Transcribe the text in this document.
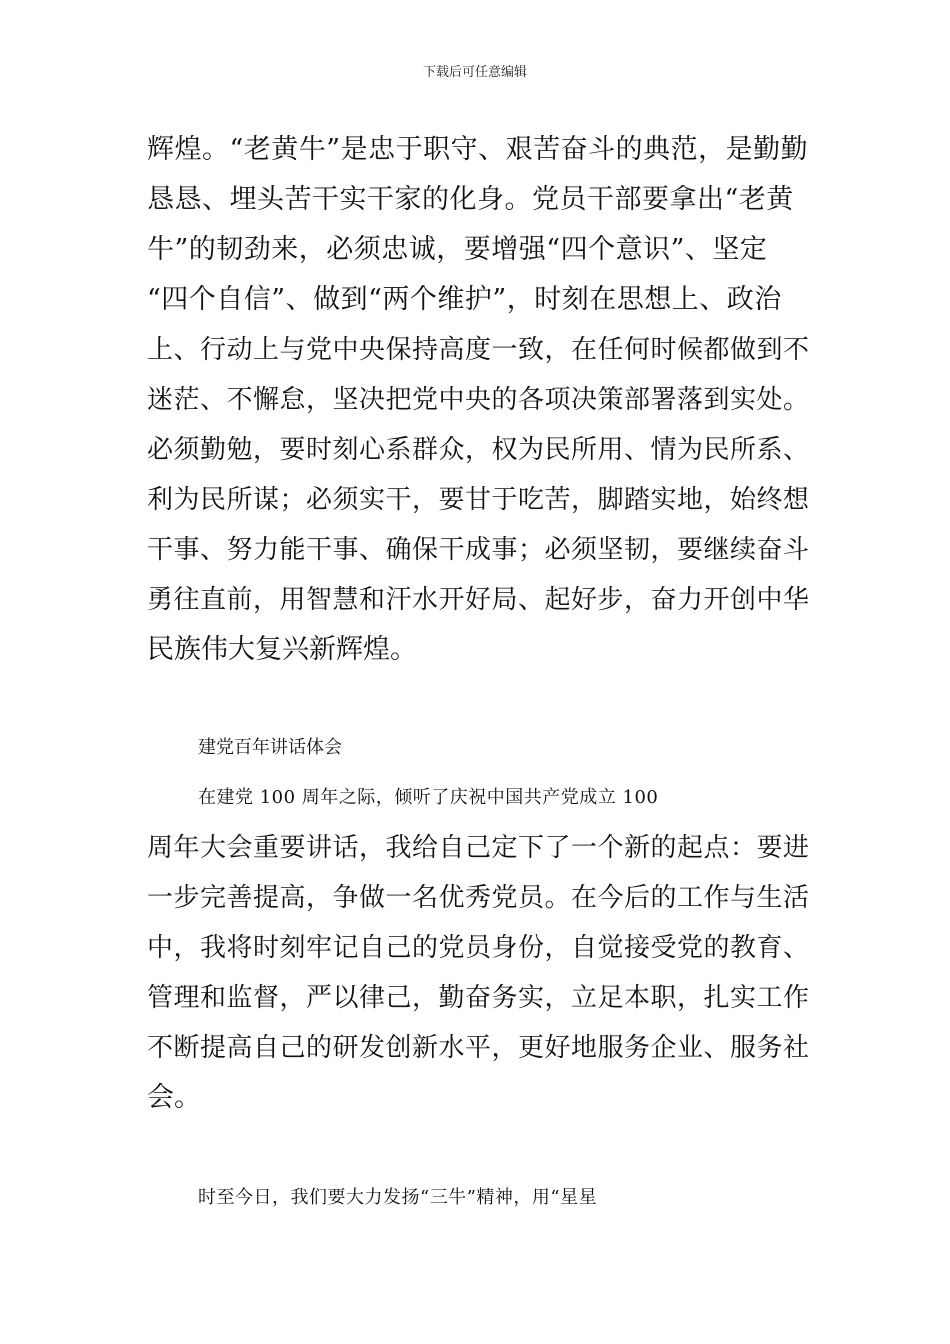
下载后可任意编辑
辉煌。“老黄牛”是忠于职守、艰苦奋斗的典范，是勤勤
恳恳、埋头苦干实干家的化身。党员干部要拿出“老黄
牛”的韧劲来，必须忠诚，要增强“四个意识”、坚定
“四个自信”、做到“两个维护”，时刻在思想上、政治
上、行动上与党中央保持高度一致，在任何时候都做到不
迷茫、不懈怠，坚决把党中央的各项决策部署落到实处。
必须勤勉，要时刻心系群众，权为民所用、情为民所系、
利为民所谋；必须实干，要甘于吃苦，脚踏实地，始终想
干事、努力能干事、确保干成事；必须坚韧，要继续奋斗
勇往直前，用智慧和汗水开好局、起好步，奋力开创中华
民族伟大复兴新辉煌。
建党百年讲话体会
在建党 100 周年之际，倾听了庆祝中国共产党成立 100
周年大会重要讲话，我给自己定下了一个新的起点：要进
一步完善提高，争做一名优秀党员。在今后的工作与生活
中，我将时刻牢记自己的党员身份，自觉接受党的教育、
管理和监督，严以律己，勤奋务实，立足本职，扎实工作
不断提高自己的研发创新水平，更好地服务企业、服务社
会。
时至今日，我们要大力发扬“三牛”精神，用“星星
